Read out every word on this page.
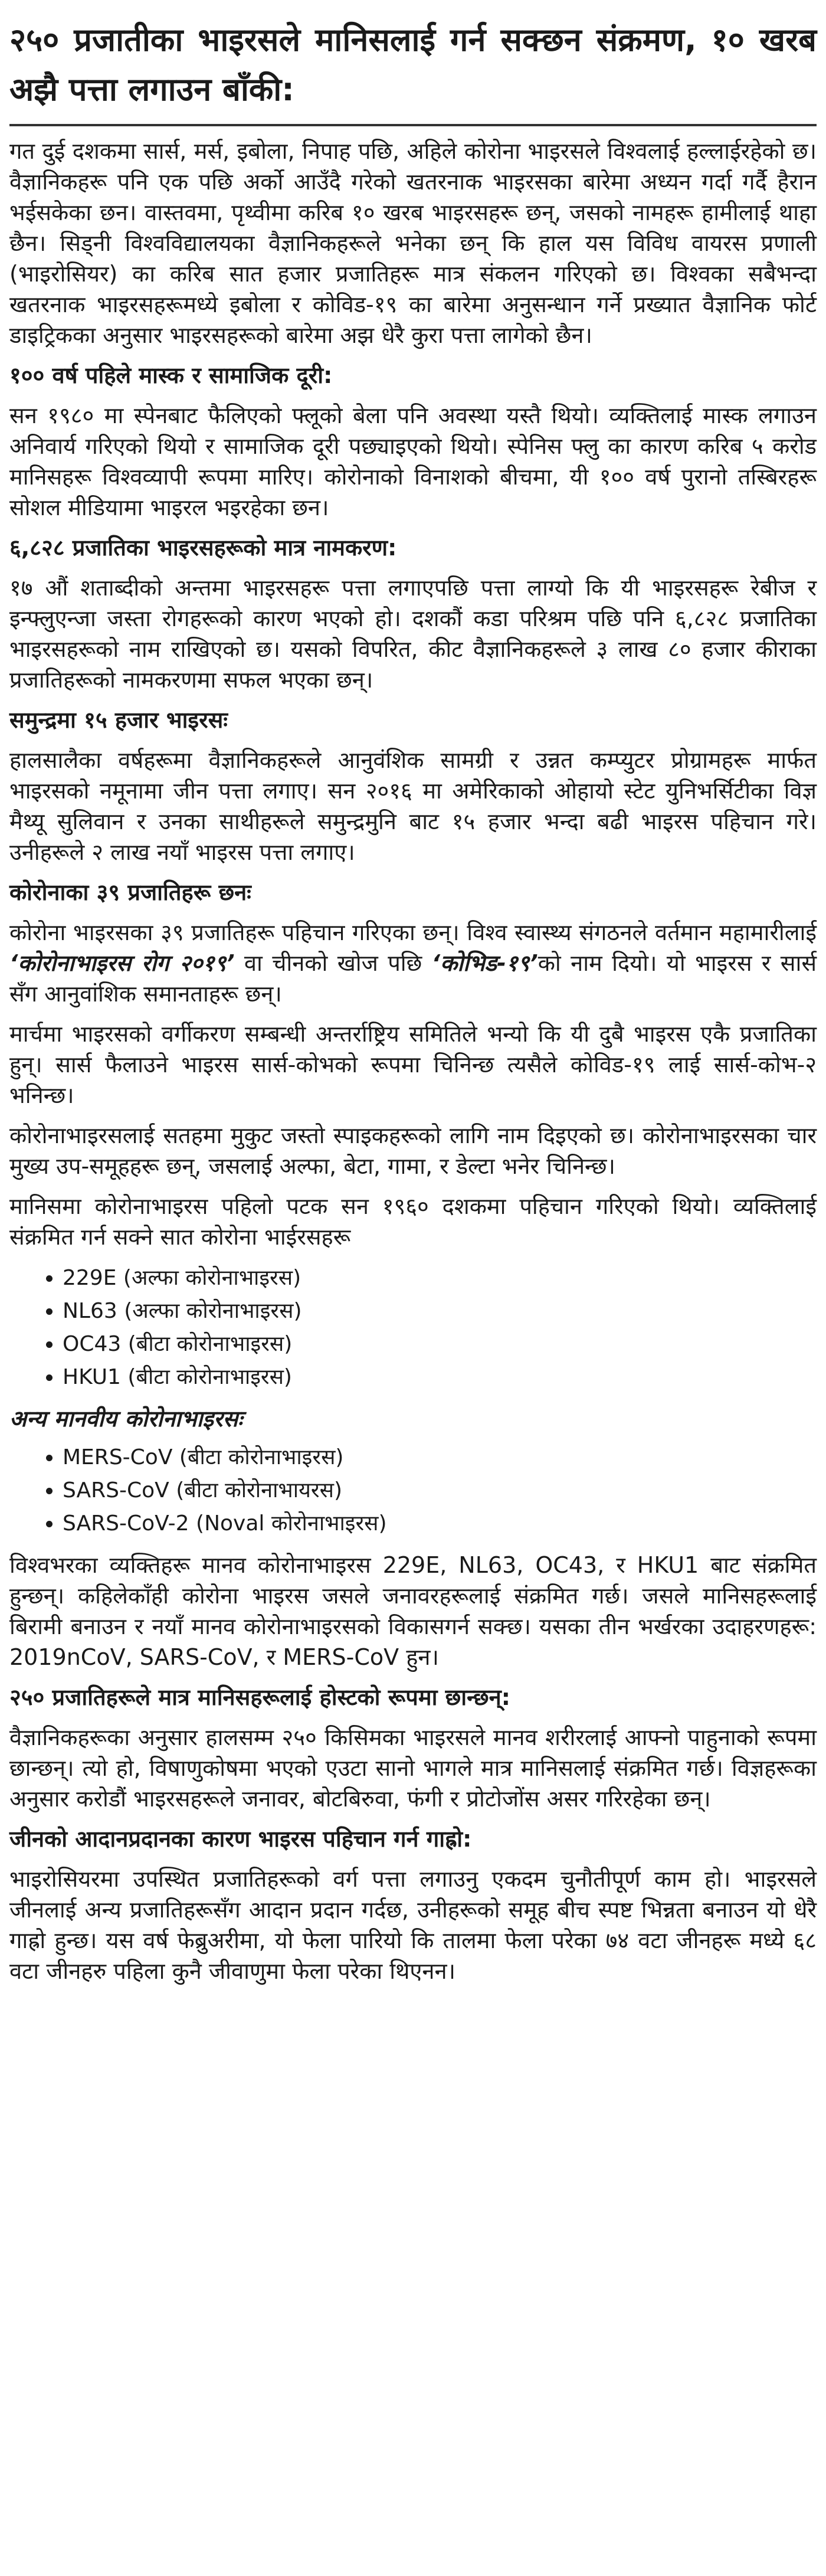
२५० प्रजातीका भाइरसले मानिसलाई गर्न सक्छन संक्रमण, १० खरब अझै पत्ता लगाउन बाँकी:
गत दुई दशकमा सार्स, मर्स, इबोला, निपाह पछि, अहिले कोरोना भाइरसले विश्वलाई हल्लाईरहेको छ। वैज्ञानिकहरू पनि एक पछि अर्को आउँदै गरेको खतरनाक भाइरसका बारेमा अध्यन गर्दा गर्दै हैरान भईसकेका छन। वास्तवमा, पृथ्वीमा करिब १० खरब भाइरसहरू छन्, जसको नामहरू हामीलाई थाहा छैन। सिड्नी विश्वविद्यालयका वैज्ञानिकहरूले भनेका छन् कि हाल यस विविध वायरस प्रणाली (भाइरोसियर) का करिब सात हजार प्रजातिहरू मात्र संकलन गरिएको छ। विश्वका सबैभन्दा खतरनाक भाइरसहरूमध्ये इबोला र कोविड-१९ का बारेमा अनुसन्धान गर्ने प्रख्यात वैज्ञानिक फोर्ट डाइट्रिकका अनुसार भाइरसहरूको बारेमा अझ धेरै कुरा पत्ता लागेको छैन।
१०० वर्ष पहिले मास्क र सामाजिक दूरी:
सन १९८० मा स्पेनबाट फैलिएको फ्लूको बेला पनि अवस्था यस्तै थियो। व्यक्तिलाई मास्क लगाउन अनिवार्य गरिएको थियो र सामाजिक दूरी पछ्याइएको थियो। स्पेनिस फ्लु का कारण करिब ५ करोड मानिसहरू विश्वव्यापी रूपमा मारिए। कोरोनाको विनाशको बीचमा, यी १०० वर्ष पुरानो तस्बिरहरू सोशल मीडियामा भाइरल भइरहेका छन।
६,८२८ प्रजातिका भाइरसहरूको मात्र नामकरण:
१७ औं शताब्दीको अन्तमा भाइरसहरू पत्ता लगाएपछि पत्ता लाग्यो कि यी भाइरसहरू रेबीज र इन्फ्लुएन्जा जस्ता रोगहरूको कारण भएको हो। दशकौं कडा परिश्रम पछि पनि ६,८२८ प्रजातिका भाइरसहरूको नाम राखिएको छ। यसको विपरित, कीट वैज्ञानिकहरूले ३ लाख ८० हजार कीराका प्रजातिहरूको नामकरणमा सफल भएका छन्।
समुन्द्रमा १५ हजार भाइरसः
हालसालैका वर्षहरूमा वैज्ञानिकहरूले आनुवंशिक सामग्री र उन्नत कम्प्युटर प्रोग्रामहरू मार्फत भाइरसको नमूनामा जीन पत्ता लगाए। सन २०१६ मा अमेरिकाको ओहायो स्टेट युनिभर्सिटीका विज्ञ मैथ्यू सुलिवान र उनका साथीहरूले समुन्द्रमुनि बाट १५ हजार भन्दा बढी भाइरस पहिचान गरे। उनीहरूले २ लाख नयाँ भाइरस पत्ता लगाए।
कोरोनाका ३९ प्रजातिहरू छनः
कोरोना भाइरसका ३९ प्रजातिहरू पहिचान गरिएका छन्। विश्व स्वास्थ्य संगठनले वर्तमान महामारीलाई ‘कोरोनाभाइरस रोग २०१९’ वा चीनको खोज पछि ‘कोभिड-१९’को नाम दियो। यो भाइरस र सार्स सँग आनुवांशिक समानताहरू छन्।
मार्चमा भाइरसको वर्गीकरण सम्बन्धी अन्तर्राष्ट्रिय समितिले भन्यो कि यी दुबै भाइरस एकै प्रजातिका हुन्। सार्स फैलाउने भाइरस सार्स-कोभको रूपमा चिनिन्छ त्यसैले कोविड-१९ लाई सार्स-कोभ-२ भनिन्छ।
कोरोनाभाइरसलाई सतहमा मुकुट जस्तो स्पाइकहरूको लागि नाम दिइएको छ। कोरोनाभाइरसका चार मुख्य उप-समूहहरू छन्, जसलाई अल्फा, बेटा, गामा, र डेल्टा भनेर चिनिन्छ।
मानिसमा कोरोनाभाइरस पहिलो पटक सन १९६० दशकमा पहिचान गरिएको थियो। व्यक्तिलाई संक्रमित गर्न सक्ने सात कोरोना भाईरसहरू
• 229E (अल्फा कोरोनाभाइरस)
• NL63 (अल्फा कोरोनाभाइरस)
• OC43 (बीटा कोरोनाभाइरस)
• HKU1 (बीटा कोरोनाभाइरस)
अन्य मानवीय कोरोनाभाइरसः
• MERS-CoV (बीटा कोरोनाभाइरस)
• SARS-CoV (बीटा कोरोनाभायरस)
• SARS-CoV-2 (Noval कोरोनाभाइरस)
विश्वभरका व्यक्तिहरू मानव कोरोनाभाइरस 229E, NL63, OC43, र HKU1 बाट संक्रमित हुन्छन्। कहिलेकाँही कोरोना भाइरस जसले जनावरहरूलाई संक्रमित गर्छ। जसले मानिसहरूलाई बिरामी बनाउन र नयाँ मानव कोरोनाभाइरसको विकासगर्न सक्छ। यसका तीन भर्खरका उदाहरणहरू: 2019nCoV, SARS-CoV, र MERS-CoV हुन।
२५० प्रजातिहरूले मात्र मानिसहरूलाई होस्टको रूपमा छान्छन्:
वैज्ञानिकहरूका अनुसार हालसम्म २५० किसिमका भाइरसले मानव शरीरलाई आफ्नो पाहुनाको रूपमा छान्छन्। त्यो हो, विषाणुकोषमा भएको एउटा सानो भागले मात्र मानिसलाई संक्रमित गर्छ। विज्ञहरूका अनुसार करोडौं भाइरसहरूले जनावर, बोटबिरुवा, फंगी र प्रोटोजोंस असर गरिरहेका छन्।
जीनको आदानप्रदानका कारण भाइरस पहिचान गर्न गाह्रो:
भाइरोसियरमा उपस्थित प्रजातिहरूको वर्ग पत्ता लगाउनु एकदम चुनौतीपूर्ण काम हो। भाइरसले जीनलाई अन्य प्रजातिहरूसँग आदान प्रदान गर्दछ, उनीहरूको समूह बीच स्पष्ट भिन्नता बनाउन यो धेरै गाह्रो हुन्छ। यस वर्ष फेब्रुअरीमा, यो फेला पारियो कि तालमा फेला परेका ७४ वटा जीनहरू मध्ये ६८ वटा जीनहरु पहिला कुनै जीवाणुमा फेला परेका थिएनन।
